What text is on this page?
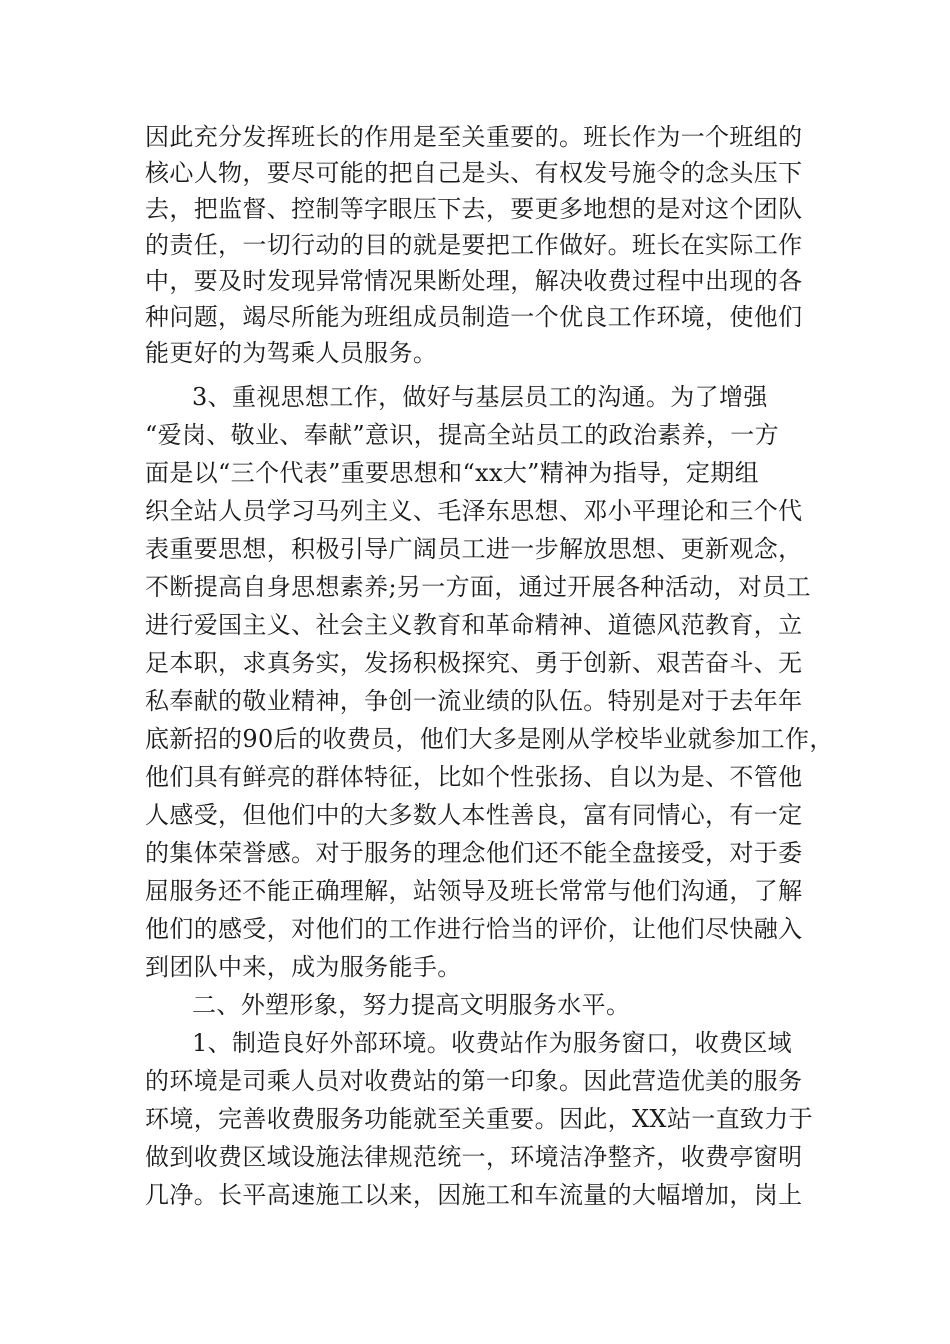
因此充分发挥班长的作用是至关重要的。班长作为一个班组的
核心人物，要尽可能的把自己是头、有权发号施令的念头压下
去，把监督、控制等字眼压下去，要更多地想的是对这个团队
的责任，一切行动的目的就是要把工作做好。班长在实际工作
中，要及时发现异常情况果断处理，解决收费过程中出现的各
种问题，竭尽所能为班组成员制造一个优良工作环境，使他们
能更好的为驾乘人员服务。
3、重视思想工作，做好与基层员工的沟通。为了增强
“爱岗、敬业、奉献”意识，提高全站员工的政治素养，一方
面是以“三个代表”重要思想和“xx大”精神为指导，定期组
织全站人员学习马列主义、毛泽东思想、邓小平理论和三个代
表重要思想，积极引导广阔员工进一步解放思想、更新观念，
不断提高自身思想素养;另一方面，通过开展各种活动，对员工
进行爱国主义、社会主义教育和革命精神、道德风范教育，立
足本职，求真务实，发扬积极探究、勇于创新、艰苦奋斗、无
私奉献的敬业精神，争创一流业绩的队伍。特别是对于去年年
底新招的90后的收费员，他们大多是刚从学校毕业就参加工作，
他们具有鲜亮的群体特征，比如个性张扬、自以为是、不管他
人感受，但他们中的大多数人本性善良，富有同情心，有一定
的集体荣誉感。对于服务的理念他们还不能全盘接受，对于委
屈服务还不能正确理解，站领导及班长常常与他们沟通，了解
他们的感受，对他们的工作进行恰当的评价，让他们尽快融入
到团队中来，成为服务能手。
二、外塑形象，努力提高文明服务水平。
1、制造良好外部环境。收费站作为服务窗口，收费区域
的环境是司乘人员对收费站的第一印象。因此营造优美的服务
环境，完善收费服务功能就至关重要。因此，XX站一直致力于
做到收费区域设施法律规范统一，环境洁净整齐，收费亭窗明
几净。长平高速施工以来，因施工和车流量的大幅增加，岗上
